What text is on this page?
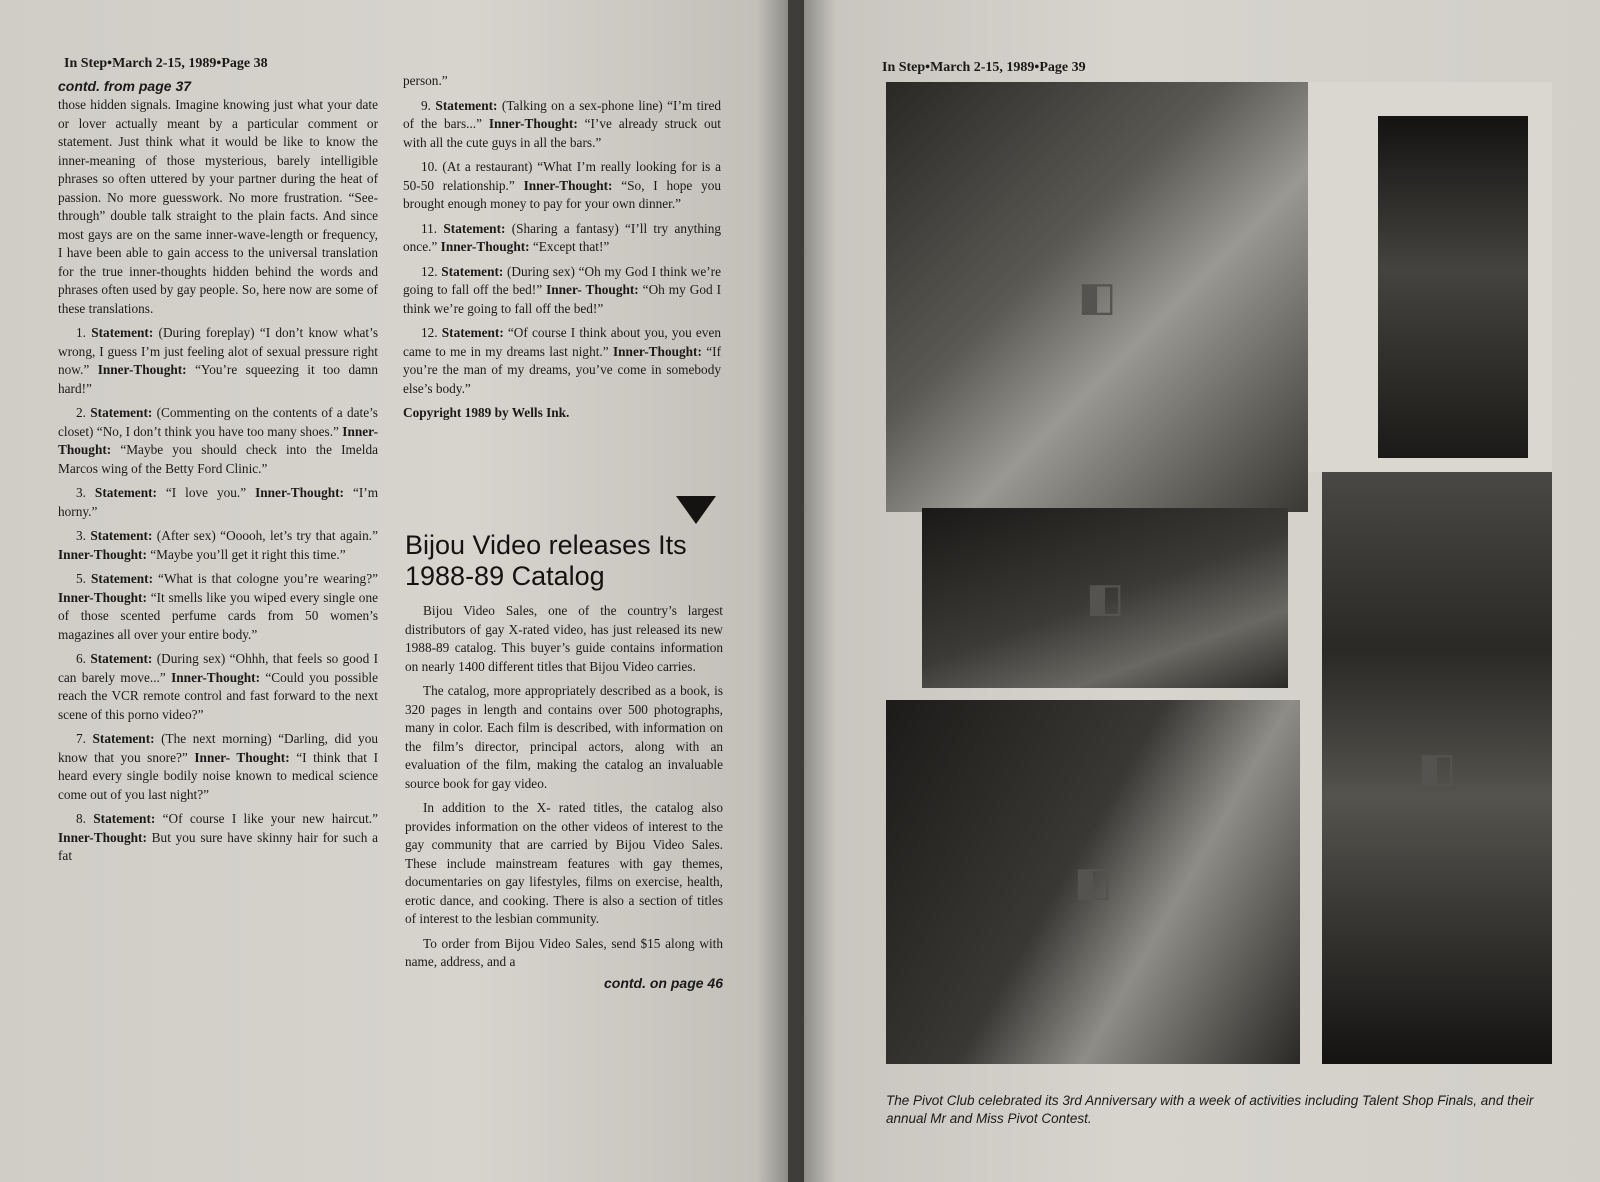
In Step•March 2-15, 1989•Page 38
contd. from page 37

those hidden signals. Imagine knowing just what your date or lover actually meant by a particular comment or statement. Just think what it would be like to know the inner-meaning of those mysterious, barely intelligible phrases so often uttered by your partner during the heat of passion. No more guesswork. No more frustration. “See-through” double talk straight to the plain facts. And since most gays are on the same inner-wave-length or frequency, I have been able to gain access to the universal translation for the true inner-thoughts hidden behind the words and phrases often used by gay people. So, here now are some of these translations.

1. Statement: (During foreplay) “I don’t know what’s wrong, I guess I’m just feeling alot of sexual pressure right now.” Inner-Thought: “You’re squeezing it too damn hard!”

2. Statement: (Commenting on the contents of a date’s closet) “No, I don’t think you have too many shoes.” Inner-Thought: “Maybe you should check into the Imelda Marcos wing of the Betty Ford Clinic.”

3. Statement: “I love you.” Inner-Thought: “I’m horny.”

3. Statement: (After sex) “Ooooh, let’s try that again.” Inner-Thought: “Maybe you’ll get it right this time.”

5. Statement: “What is that cologne you’re wearing?” Inner-Thought: “It smells like you wiped every single one of those scented perfume cards from 50 women’s magazines all over your entire body.”

6. Statement: (During sex) “Ohhh, that feels so good I can barely move...” Inner-Thought: “Could you possible reach the VCR remote control and fast forward to the next scene of this porno video?”

7. Statement: (The next morning) “Darling, did you know that you snore?” Inner- Thought: “I think that I heard every single bodily noise known to medical science come out of you last night?”

8. Statement: “Of course I like your new haircut.” Inner-Thought: But you sure have skinny hair for such a fat

person.”

9. Statement: (Talking on a sex-phone line) “I’m tired of the bars...” Inner-Thought: “I’ve already struck out with all the cute guys in all the bars.”

10. (At a restaurant) “What I’m really looking for is a 50-50 relationship.” Inner-Thought: “So, I hope you brought enough money to pay for your own dinner.”

11. Statement: (Sharing a fantasy) “I’ll try anything once.” Inner-Thought: “Except that!”

12. Statement: (During sex) “Oh my God I think we’re going to fall off the bed!” Inner- Thought: “Oh my God I think we’re going to fall off the bed!”

12. Statement: “Of course I think about you, you even came to me in my dreams last night.” Inner-Thought: “If you’re the man of my dreams, you’ve come in somebody else’s body.”

Copyright 1989 by Wells Ink.
Bijou Video releases Its 1988-89 Catalog

Bijou Video Sales, one of the country’s largest distributors of gay X-rated video, has just released its new 1988-89 catalog. This buyer’s guide contains information on nearly 1400 different titles that Bijou Video carries.

The catalog, more appropriately described as a book, is 320 pages in length and contains over 500 photographs, many in color. Each film is described, with information on the film’s director, principal actors, along with an evaluation of the film, making the catalog an invaluable source book for gay video.

In addition to the X- rated titles, the catalog also provides information on the other videos of interest to the gay community that are carried by Bijou Video Sales. These include mainstream features with gay themes, documentaries on gay lifestyles, films on exercise, health, erotic dance, and cooking. There is also a section of titles of interest to the lesbian community.

To order from Bijou Video Sales, send $15 along with name, address, and a

contd. on page 46
In Step•March 2-15, 1989•Page 39
◧
◧
◧
◧
The Pivot Club celebrated its 3rd Anniversary with a week of activities including Talent Shop Finals, and their annual Mr and Miss Pivot Contest.
